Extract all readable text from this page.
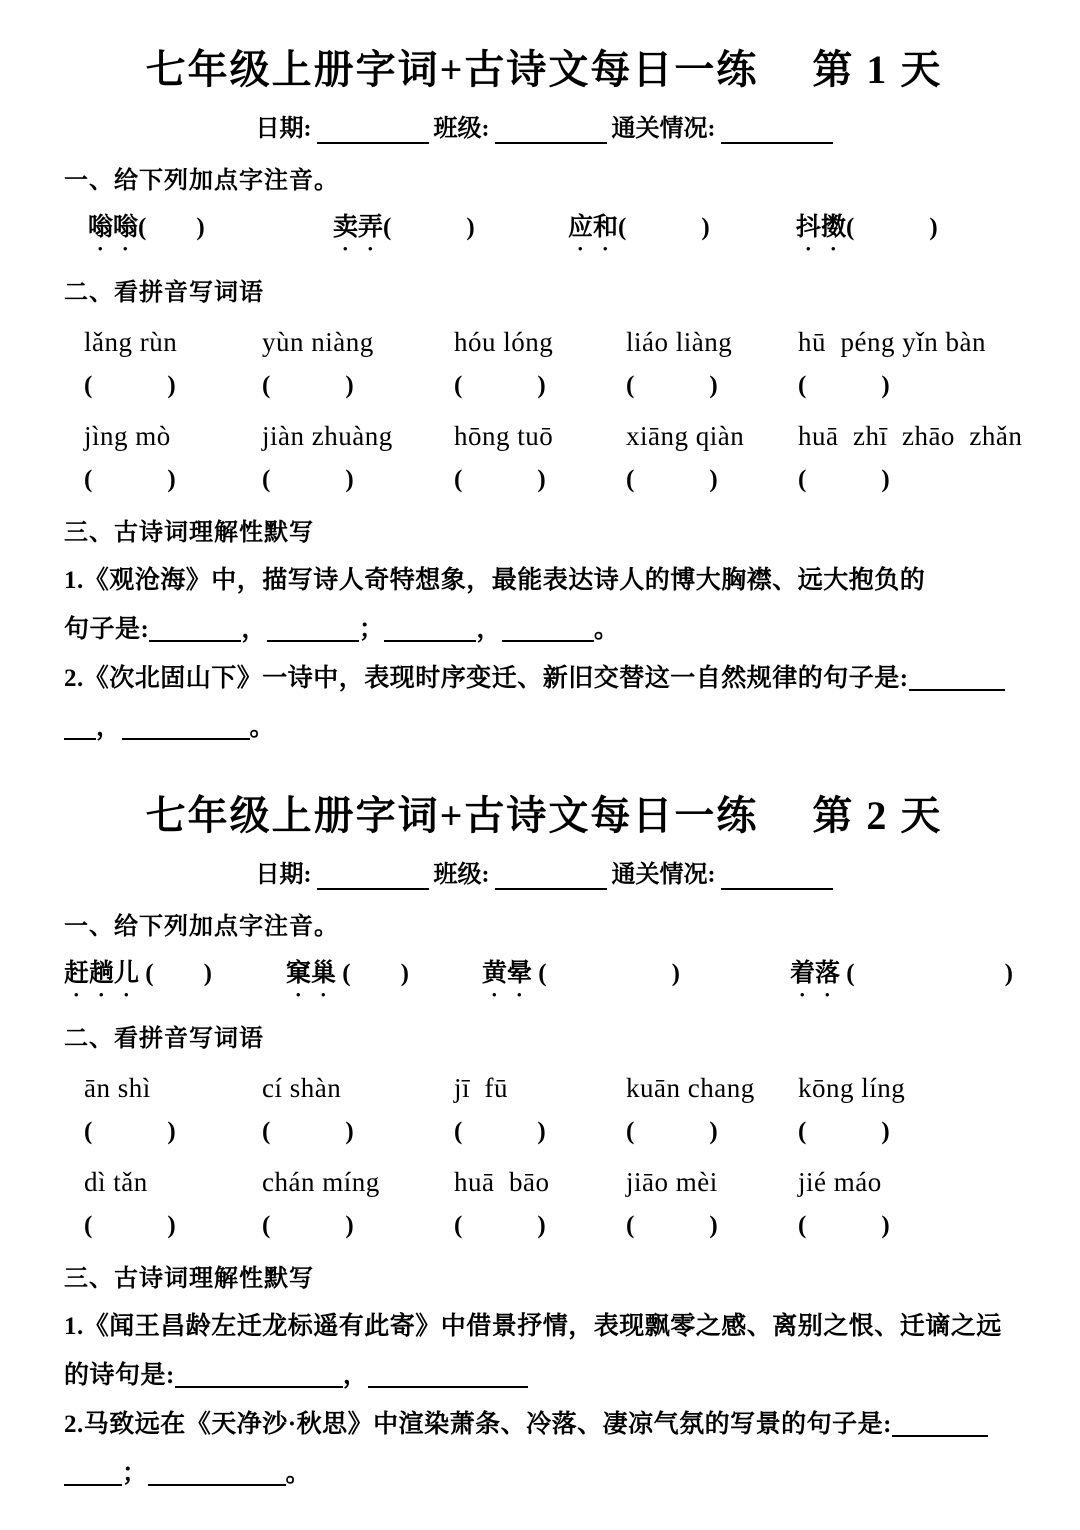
七年级上册字词+古诗文每日一练　 第 1 天
日期:	班级:	通关情况:
一、给下列加点字注音。
嗡嗡(　　)	卖弄(　　　)	应和(　　　)	抖擞(　　　)
二、看拼音写词语
lǎng rùn	yùn niàng	hóu lóng	liáo liàng	hū  péng yǐn bàn
(　　　)	(　　　)	(　　　)	(　　　)	(　　　)
jìng mò	jiàn zhuàng	hōng tuō	xiāng qiàn	huā  zhī  zhāo  zhǎn
(　　　)	(　　　)	(　　　)	(　　　)	(　　　)
三、古诗词理解性默写

1.《观沧海》中，描写诗人奇特想象，最能表达诗人的博大胸襟、远大抱负的

句子是:	，	；	，	。

2.《次北固山下》一诗中，表现时序变迁、新旧交替这一自然规律的句子是:

，	。

七年级上册字词+古诗文每日一练　 第 2 天
日期:	班级:	通关情况:
一、给下列加点字注音。
赶趟儿 (　　)	窠巢 (　　)	黄晕 (　　　　　)	着落 (　　　　　　)
二、看拼音写词语
ān shì	cí shàn	jī  fū	kuān chang	kōng líng
(　　　)	(　　　)	(　　　)	(　　　)	(　　　)
dì tǎn	chán míng	huā  bāo	jiāo mèi	jié máo
(　　　)	(　　　)	(　　　)	(　　　)	(　　　)
三、古诗词理解性默写

1.《闻王昌龄左迁龙标遥有此寄》中借景抒情，表现飘零之感、离别之恨、迁谪之远

的诗句是:	，

2.马致远在《天净沙·秋思》中渲染萧条、冷落、凄凉气氛的写景的句子是:

；	。
